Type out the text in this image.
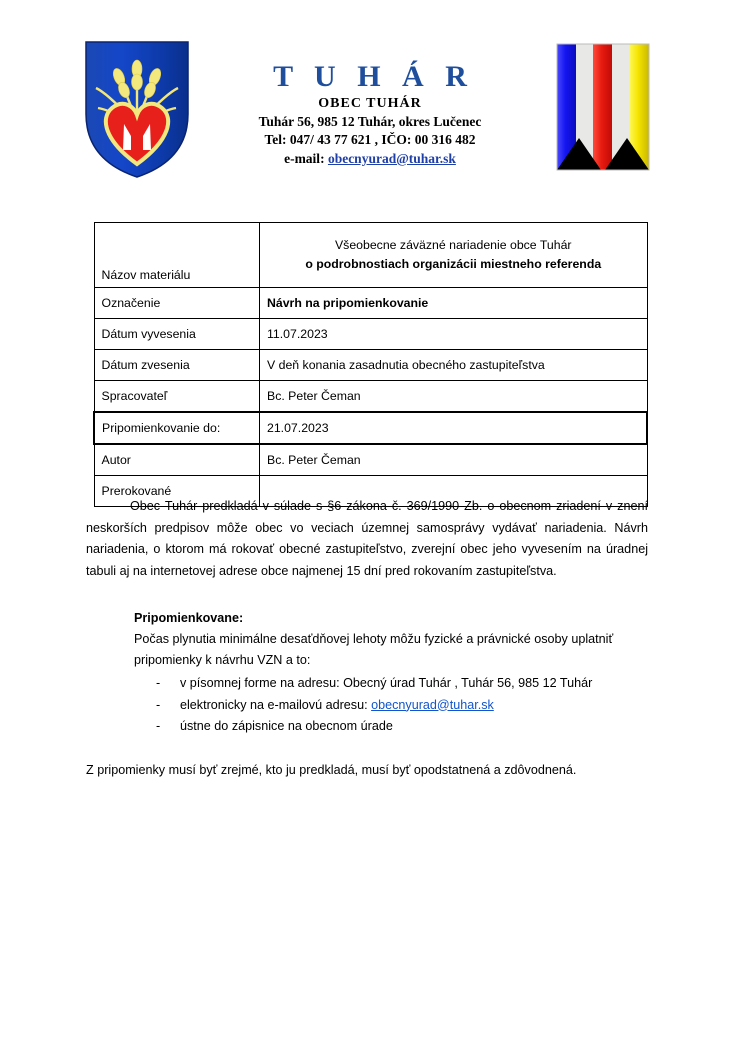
T U H Á R
OBEC TUHÁR
Tuhár 56, 985 12 Tuhár, okres Lučenec
Tel: 047/ 43 77 621 , IČO: 00 316 482
e-mail: obecnyurad@tuhar.sk
Názov materiálu	Všeobecne záväzné nariadenie obce Tuhár
o podrobnostiach organizácii miestneho referenda

Označenie	Návrh na pripomienkovanie
Dátum vyvesenia	11.07.2023
Dátum zvesenia	V deň konania zasadnutia obecného zastupiteľstva
Spracovateľ	Bc. Peter Čeman
Pripomienkovanie do:	21.07.2023
Autor	Bc. Peter Čeman
Prerokované	

Obec Tuhár predkladá v súlade s §6 zákona č. 369/1990 Zb. o obecnom zriadení v znení neskorších predpisov môže obec vo veciach územnej samosprávy vydávať nariadenia. Návrh nariadenia, o ktorom má rokovať obecné zastupiteľstvo, zverejní obec jeho vyvesením na úradnej tabuli aj na internetovej adrese obce najmenej 15 dní pred rokovaním zastupiteľstva.

Pripomienkovane:
Počas plynutia minimálne desaťdňovej lehoty môžu fyzické a právnické osoby uplatniť pripomienky k návrhu VZN a to:
- v písomnej forme na adresu: Obecný úrad Tuhár , Tuhár 56, 985 12 Tuhár
- elektronicky na e-mailovú adresu: obecnyurad@tuhar.sk
- ústne do zápisnice na obecnom úrade
Z pripomienky musí byť zrejmé, kto ju predkladá, musí byť opodstatnená a zdôvodnená.
